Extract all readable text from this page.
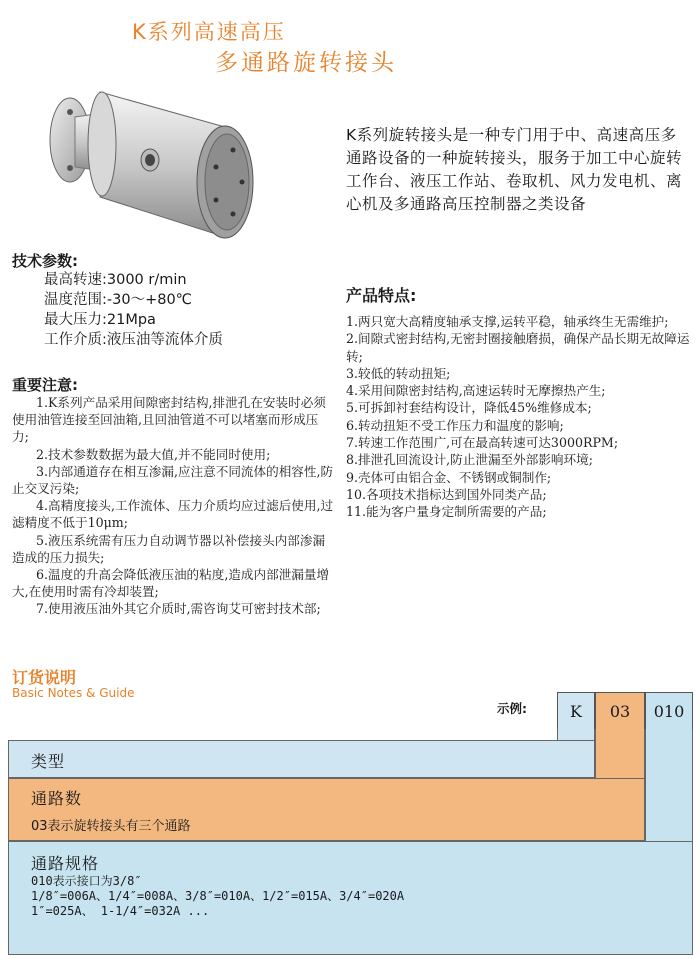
K系列高速高压
多通路旋转接头
K系列旋转接头是一种专门用于中、高速高压多通路设备的一种旋转接头，服务于加工中心旋转工作台、液压工作站、卷取机、风力发电机、离心机及多通路高压控制器之类设备
技术参数:
最高转速:3000 r/min
温度范围:-30〜+80℃
最大压力:21Mpa
工作介质:液压油等流体介质
重要注意:

1.K系列产品采用间隙密封结构,排泄孔在安装时必须使用油管连接至回油箱,且回油管道不可以堵塞而形成压力;

2.技术参数数据为最大值,并不能同时使用;

3.内部通道存在相互渗漏,应注意不同流体的相容性,防止交叉污染;

4.高精度接头,工作流体、压力介质均应过滤后使用,过滤精度不低于10μm;

5.液压系统需有压力自动调节器以补偿接头内部渗漏造成的压力损失;

6.温度的升高会降低液压油的粘度,造成内部泄漏量增大,在使用时需有冷却装置;

7.使用液压油外其它介质时,需咨询艾可密封技术部;

产品特点:

1.两只宽大高精度轴承支撑,运转平稳，轴承终生无需维护;

2.间隙式密封结构,无密封圈接触磨损，确保产品长期无故障运转;

3.较低的转动扭矩;

4.采用间隙密封结构,高速运转时无摩擦热产生;

5.可拆卸衬套结构设计，降低45%维修成本;

6.转动扭矩不受工作压力和温度的影响;

7.转速工作范围广,可在最高转速可达3000RPM;

8.排泄孔回流设计,防止泄漏至外部影响环境;

9.壳体可由铝合金、不锈钢或铜制作;

10.各项技术指标达到国外同类产品;

11.能为客户量身定制所需要的产品;

订货说明
Basic Notes & Guide
示例:	K	03	010
类型
通路数
03表示旋转接头有三个通路
通路规格
010表示接口为3/8″
1/8″=006A、1/4″=008A、3/8″=010A、1/2″=015A、3/4″=020A
1″=025A、 1-1/4″=032A ...
